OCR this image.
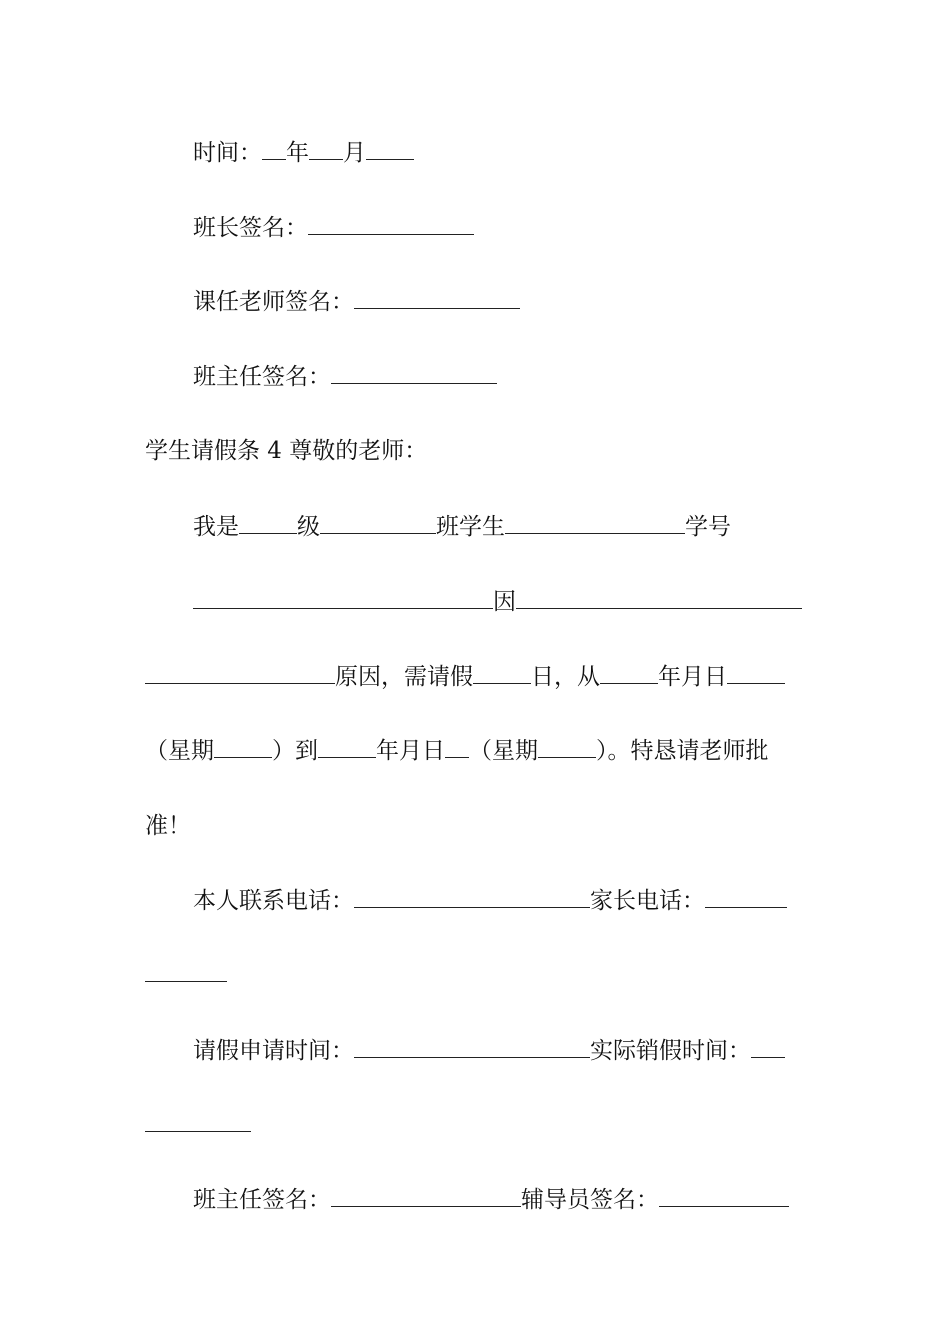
时间： 年 月
班长签名：
课任老师签名：
班主任签名：
学生请假条 4 尊敬的老师：
我是	级	班学生	学号
因
原因，需请假	日，从	年月日
（星期	）到	年月日 （星期	）。特恳请老师批
准！
本人联系电话：	家长电话：
请假申请时间：	实际销假时间：
班主任签名：	辅导员签名：
